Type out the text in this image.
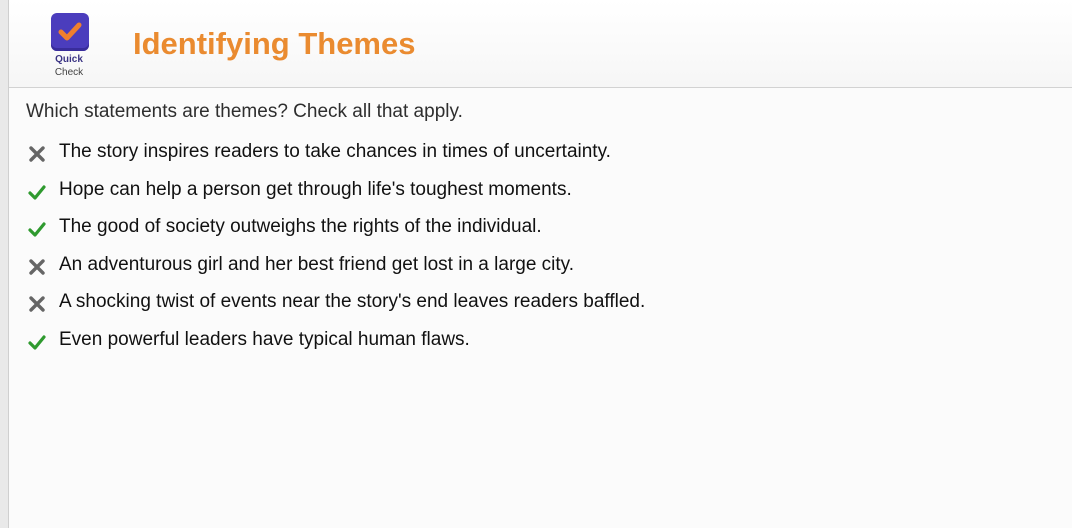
Quick
Check
Identifying Themes
Which statements are themes? Check all that apply.
The story inspires readers to take chances in times of uncertainty.
Hope can help a person get through life's toughest moments.
The good of society outweighs the rights of the individual.
An adventurous girl and her best friend get lost in a large city.
A shocking twist of events near the story's end leaves readers baffled.
Even powerful leaders have typical human flaws.
